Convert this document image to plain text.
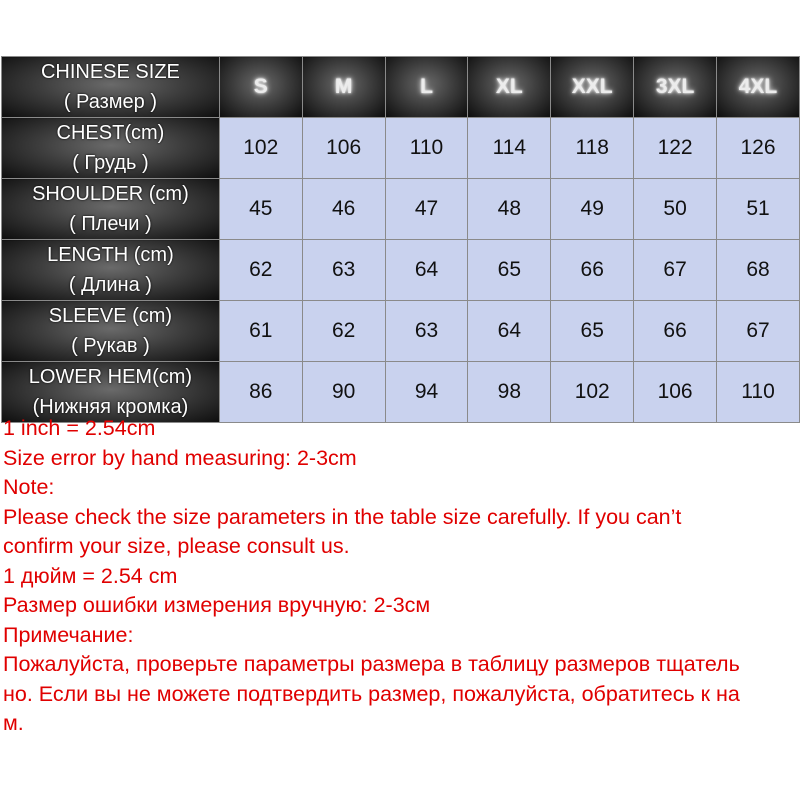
CHINESE SIZE
( Размер )	S	M	L	XL	XXL	3XL	4XL

CHEST(cm)
( Грудь )	102	106	110	114	118	122	126

SHOULDER (cm)
( Плечи )	45	46	47	48	49	50	51

LENGTH (cm)
( Длина )	62	63	64	65	66	67	68

SLEEVE (cm)
( Рукав )	61	62	63	64	65	66	67

LOWER HEM(cm)
(Нижняя кромка)	86	90	94	98	102	106	110
1 inch = 2.54cm
Size error by hand measuring: 2-3cm
Note:
Please check the size parameters in the table size carefully. If you can’t
confirm your size, please consult us.
1 дюйм = 2.54 cm
Размер ошибки измерения вручную: 2-3см
Примечание:
Пожалуйста, проверьте параметры размера в таблицу размеров тщатель
но. Если вы не можете подтвердить размер, пожалуйста, обратитесь к на
м.
